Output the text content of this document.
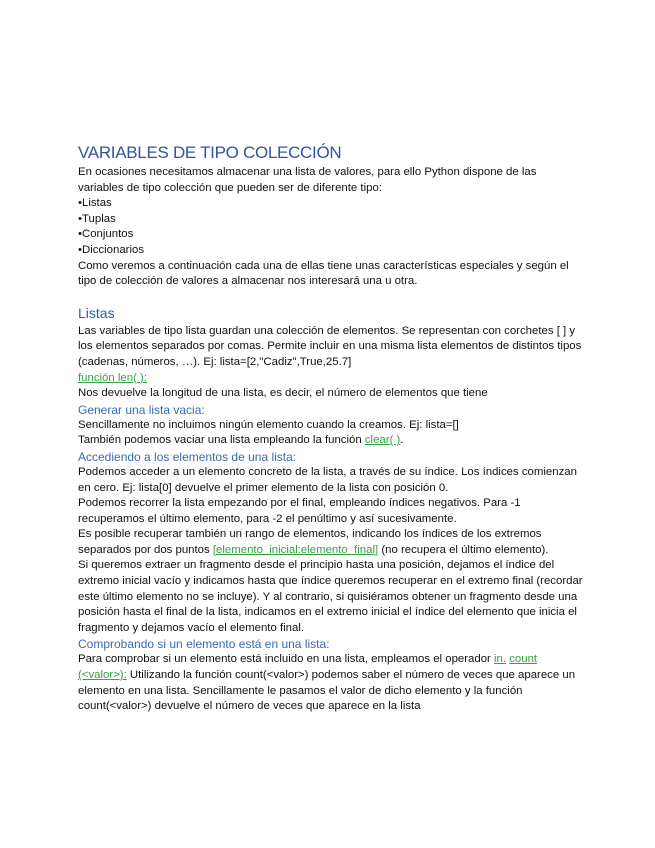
VARIABLES DE TIPO COLECCIÓN

En ocasiones necesitamos almacenar una lista de valores, para ello Python dispone de las variables de tipo colección que pueden ser de diferente tipo:

• Listas
• Tuplas
• Conjuntos
• Diccionarios

Como veremos a continuación cada una de ellas tiene unas características especiales y según el tipo de colección de valores a almacenar nos interesará una u otra.

Listas

Las variables de tipo lista guardan una colección de elementos. Se representan con corchetes [ ] y los elementos separados por comas. Permite incluir en una misma lista elementos de distintos tipos (cadenas, números, …). Ej: lista=[2,"Cadiz",True,25.7]

función len( ):

Nos devuelve la longitud de una lista, es decir, el número de elementos que tiene

Generar una lista vacia:

Sencillamente no incluimos ningún elemento cuando la creamos. Ej: lista=[]

También podemos vaciar una lista empleando la función clear( ).

Accediendo a los elementos de una lista:

Podemos acceder a un elemento concreto de la lista, a través de su índice. Los índices comienzan en cero. Ej: lista[0] devuelve el primer elemento de la lista con posición 0.

Podemos recorrer la lista empezando por el final, empleando índices negativos. Para -1 recuperamos el último elemento, para -2 el penúltimo y así sucesivamente.

Es posible recuperar también un rango de elementos, indicando los índices de los extremos separados por dos puntos [elemento_inicial:elemento_final] (no recupera el último elemento).

Si queremos extraer un fragmento desde el principio hasta una posición, dejamos el índice del extremo inicial vacío y indicamos hasta que índice queremos recuperar en el extremo final (recordar este último elemento no se incluye). Y al contrario, si quisiéramos obtener un fragmento desde una posición hasta el final de la lista, indicamos en el extremo inicial el índice del elemento que inicia el fragmento y dejamos vacío el elemento final.

Comprobando si un elemento está en una lista:

Para comprobar si un elemento está incluido en una lista, empleamos el operador in. count (<valor>): Utilizando la función count(<valor>) podemos saber el número de veces que aparece un elemento en una lista. Sencillamente le pasamos el valor de dicho elemento y la función count(<valor>) devuelve el número de veces que aparece en la lista
